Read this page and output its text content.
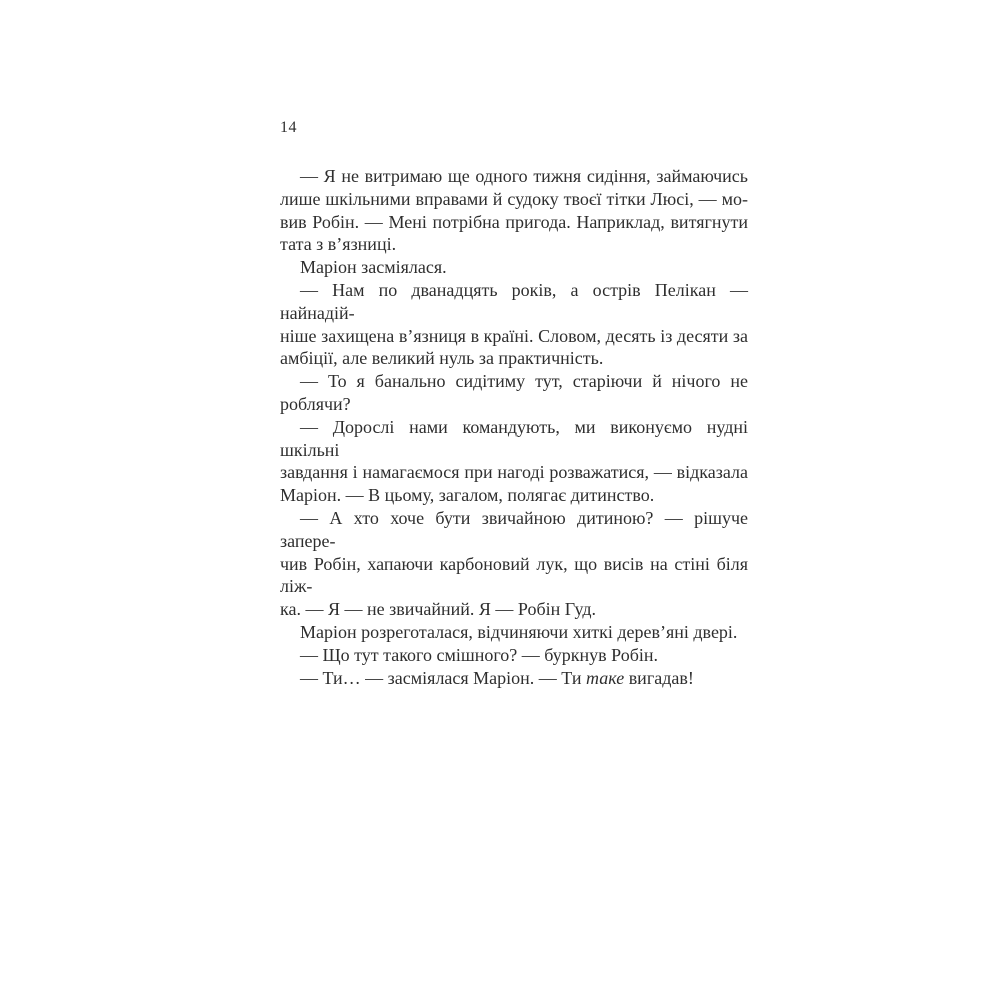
14
— Я не витримаю ще одного тижня сидіння, займаючись
лише шкільними вправами й судоку твоєї тітки Люсі, — мо-
вив Робін. — Мені потрібна пригода. Наприклад, витягнути
тата з в’язниці.
Маріон засміялася.
— Нам по дванадцять років, а острів Пелікан — найнадій-
ніше захищена в’язниця в країні. Словом, десять із десяти за
амбіції, але великий нуль за практичність.
— То я банально сидітиму тут, старіючи й нічого не роблячи?
— Дорослі нами командують, ми виконуємо нудні шкільні
завдання і намагаємося при нагоді розважатися, — відказала
Маріон. — В цьому, загалом, полягає дитинство.
— А хто хоче бути звичайною дитиною? — рішуче запере-
чив Робін, хапаючи карбоновий лук, що висів на стіні біля ліж-
ка. — Я — не звичайний. Я — Робін Гуд.
Маріон розреготалася, відчиняючи хиткі дерев’яні двері.
— Що тут такого смішного? — буркнув Робін.
— Ти… — засміялася Маріон. — Ти таке вигадав!
